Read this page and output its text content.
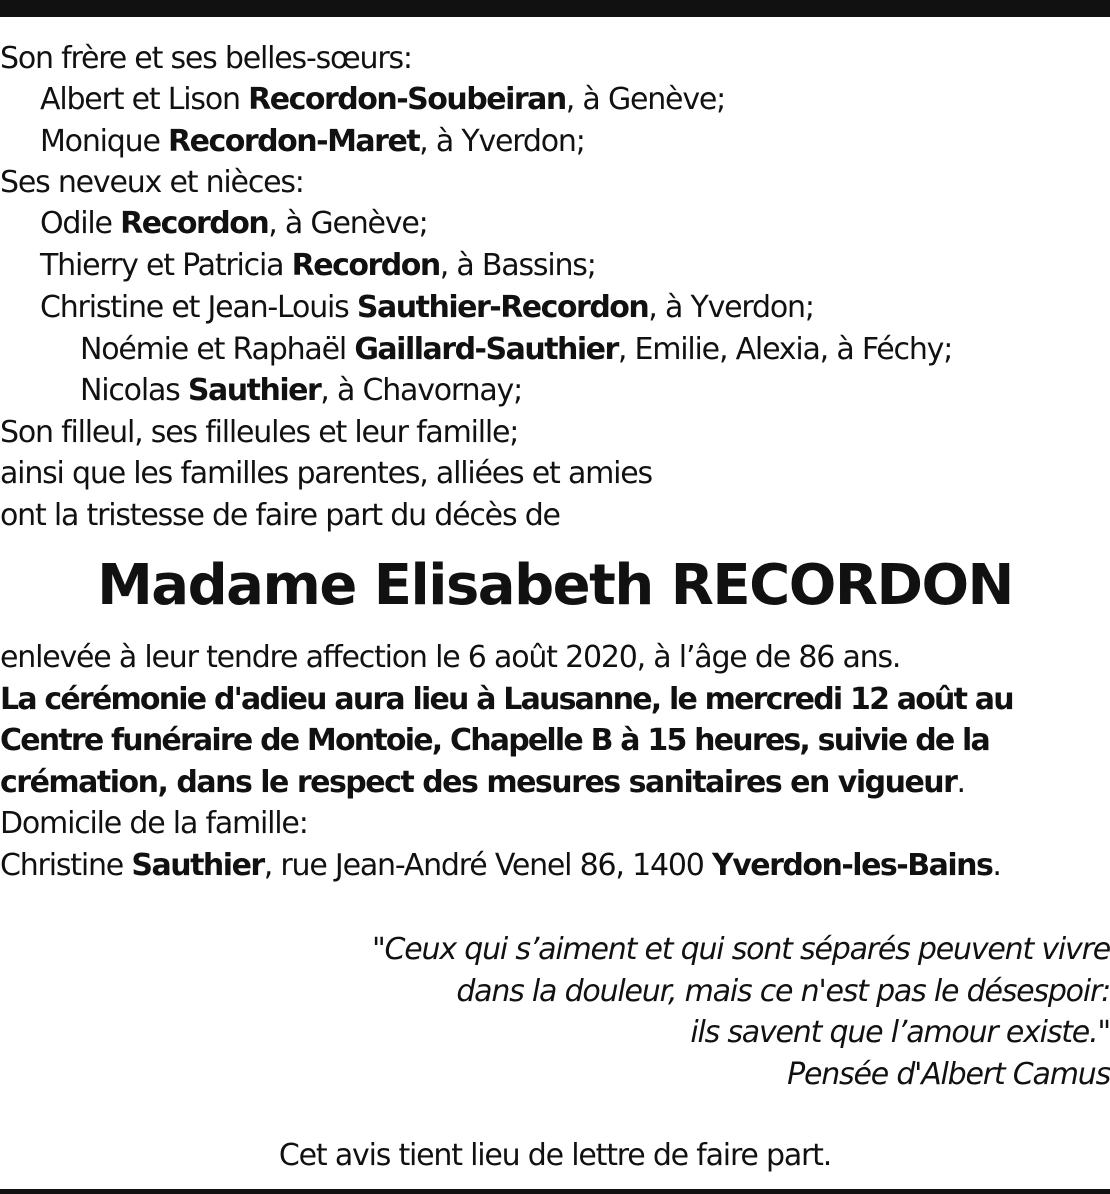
Son frère et ses belles-sœurs:
Albert et Lison Recordon-Soubeiran, à Genève;
Monique Recordon-Maret, à Yverdon;
Ses neveux et nièces:
Odile Recordon, à Genève;
Thierry et Patricia Recordon, à Bassins;
Christine et Jean-Louis Sauthier-Recordon, à Yverdon;
Noémie et Raphaël Gaillard-Sauthier, Emilie, Alexia, à Féchy;
Nicolas Sauthier, à Chavornay;
Son filleul, ses filleules et leur famille;
ainsi que les familles parentes, alliées et amies
ont la tristesse de faire part du décès de
Madame Elisabeth RECORDON
enlevée à leur tendre affection le 6 août 2020, à l’âge de 86 ans.
La cérémonie d'adieu aura lieu à Lausanne, le mercredi 12 août au
Centre funéraire de Montoie, Chapelle B à 15 heures, suivie de la
crémation, dans le respect des mesures sanitaires en vigueur.
Domicile de la famille:
Christine Sauthier, rue Jean-André Venel 86, 1400 Yverdon-les-Bains.
"Ceux qui s’aiment et qui sont séparés peuvent vivre
dans la douleur, mais ce n'est pas le désespoir:
ils savent que l’amour existe."
Pensée d'Albert Camus
Cet avis tient lieu de lettre de faire part.
